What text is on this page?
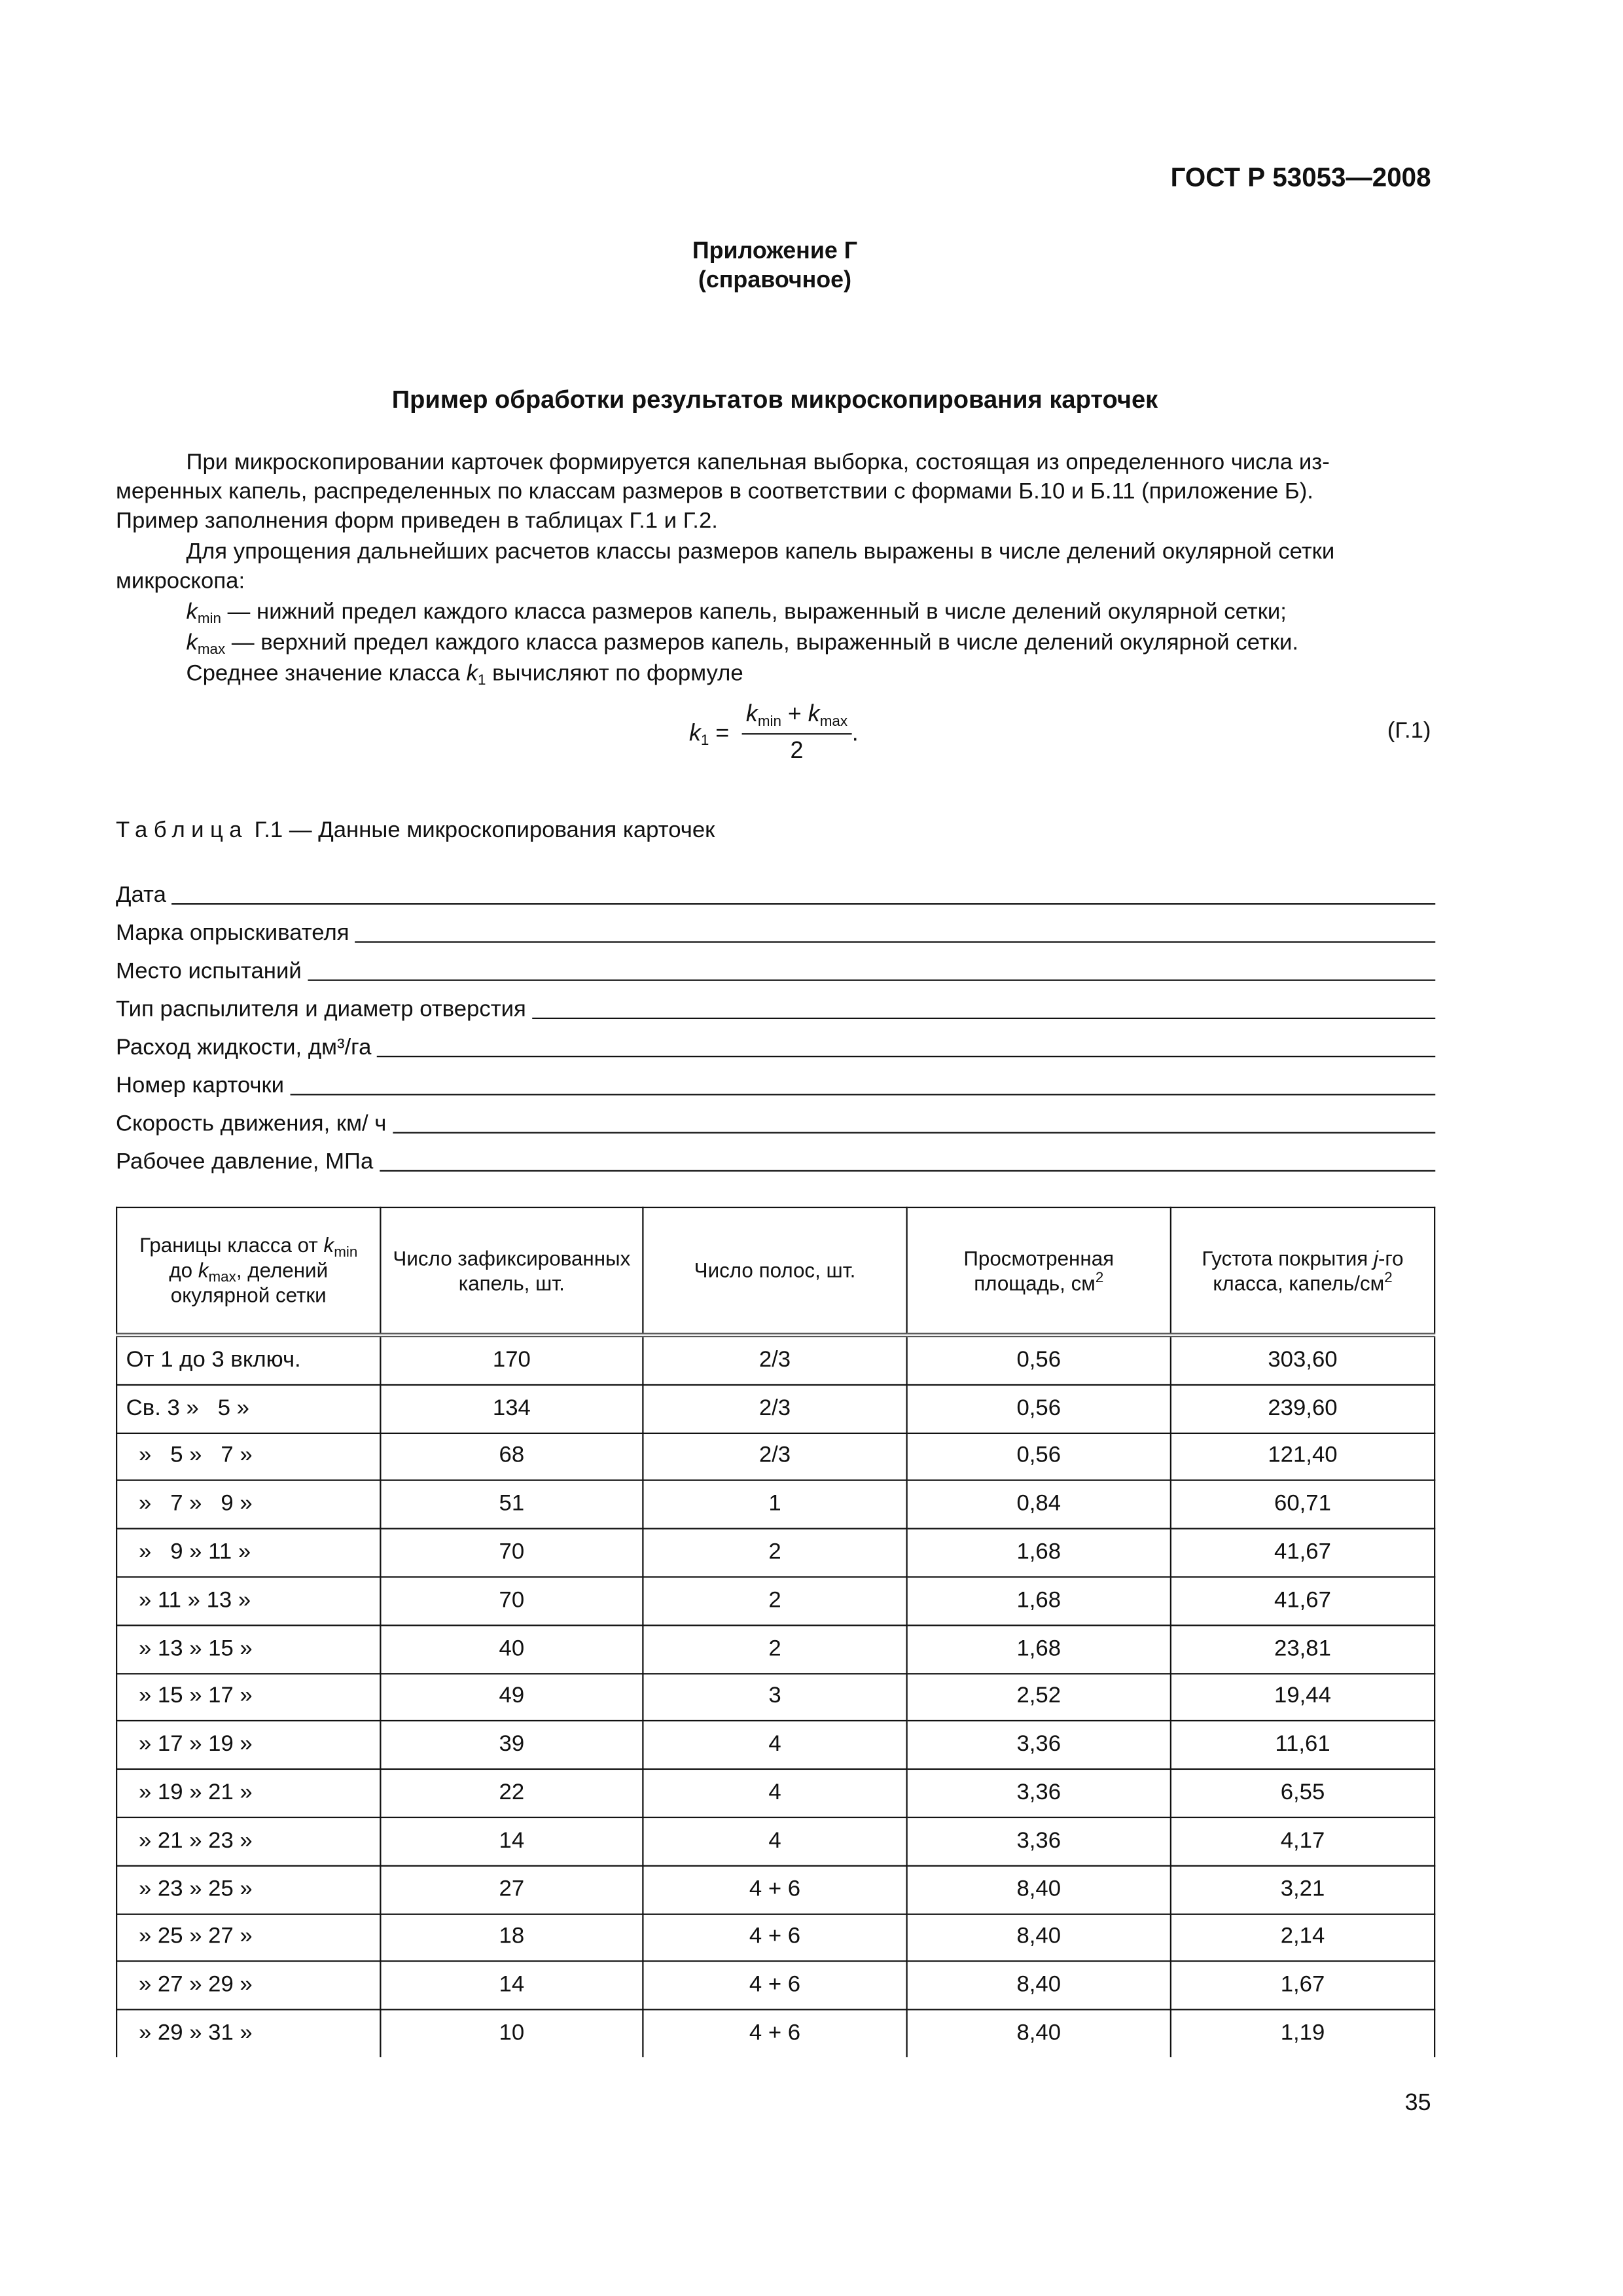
ГОСТ Р 53053—2008
Приложение Г
(справочное)
Пример обработки результатов микроскопирования карточек
При микроскопировании карточек формируется капельная выборка, состоящая из определенного числа из-
меренных капель, распределенных по классам размеров в соответствии с формами Б.10 и Б.11 (приложение Б).
Пример заполнения форм приведен в таблицах Г.1 и Г.2.
Для упрощения дальнейших расчетов классы размеров капель выражены в числе делений окулярной сетки
микроскопа:
$k_{min}$ — нижний предел каждого класса размеров капель, выраженный в числе делений окулярной сетки;
$k_{max}$ — верхний предел каждого класса размеров капель, выраженный в числе делений окулярной сетки.
Среднее значение класса $k_1$ вычисляют по формуле
$k_1 = \frac{k_{min} + k_{max}}{2}$ .	(Г.1)
Таблица Г.1 — Данные микроскопирования карточек
Дата
Марка опрыскивателя
Место испытаний
Тип распылителя и диаметр отверстия
Расход жидкости, дм³/га
Номер карточки
Скорость движения, км/ ч
Рабочее давление, МПа
Границы класса от $k_{min}$
до $k_{max}$, делений окулярной сетки	Число зафиксированных капель, шт.	Число полос, шт.	Просмотренная площадь, $см^2$	Густота покрытия j-го класса, капель/$см^2$
От 1 до 3 включ.	170	2/3	0,56	303,60
Св. 3 »   5 »	134	2/3	0,56	239,60
»   5 »   7 »	68	2/3	0,56	121,40
»   7 »   9 »	51	1	0,84	60,71
»   9 » 11 »	70	2	1,68	41,67
» 11 » 13 »	70	2	1,68	41,67
» 13 » 15 »	40	2	1,68	23,81
» 15 » 17 »	49	3	2,52	19,44
» 17 » 19 »	39	4	3,36	11,61
» 19 » 21 »	22	4	3,36	6,55
» 21 » 23 »	14	4	3,36	4,17
» 23 » 25 »	27	4 + 6	8,40	3,21
» 25 » 27 »	18	4 + 6	8,40	2,14
» 27 » 29 »	14	4 + 6	8,40	1,67
» 29 » 31 »	10	4 + 6	8,40	1,19
35
